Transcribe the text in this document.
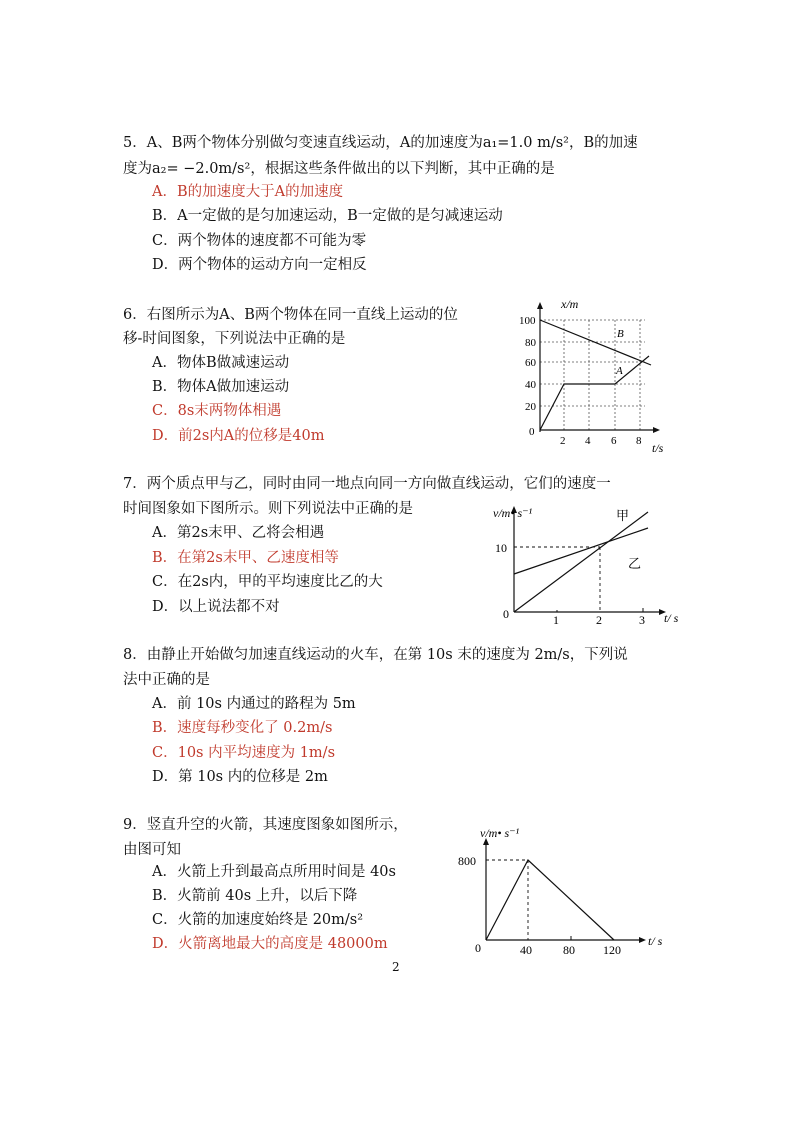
5．A、B两个物体分别做匀变速直线运动，A的加速度为a₁=1.0 m/s²，B的加速
度为a₂= −2.0m/s²，根据这些条件做出的以下判断，其中正确的是
A．B的加速度大于A的加速度
B．A一定做的是匀加速运动，B一定做的是匀减速运动
C．两个物体的速度都不可能为零
D．两个物体的运动方向一定相反
6．右图所示为A、B两个物体在同一直线上运动的位
移-时间图象，下列说法中正确的是
A．物体B做减速运动
B．物体A做加速运动
C．8s末两物体相遇
D．前2s内A的位移是40m
x/m
t/s
100
80
60
40
20
0
2 4 6 8
B
A
7．两个质点甲与乙，同时由同一地点向同一方向做直线运动，它们的速度一
时间图象如下图所示。则下列说法中正确的是
A．第2s末甲、乙将会相遇
B．在第2s末甲、乙速度相等
C．在2s内，甲的平均速度比乙的大
D．以上说法都不对
v/m• s⁻¹
t/ s
10
0	1	2	3
甲
乙
8．由静止开始做匀加速直线运动的火车，在第 10s 末的速度为 2m/s，下列说
法中正确的是
A．前 10s 内通过的路程为 5m
B．速度每秒变化了 0.2m/s
C．10s 内平均速度为 1m/s
D．第 10s 内的位移是 2m
9．竖直升空的火箭，其速度图象如图所示，
由图可知
A．火箭上升到最高点所用时间是 40s
B．火箭前 40s 上升，以后下降
C．火箭的加速度始终是 20m/s²
D．火箭离地最大的高度是 48000m
v/m• s⁻¹
t/ s
800
0	40	80 120
2
